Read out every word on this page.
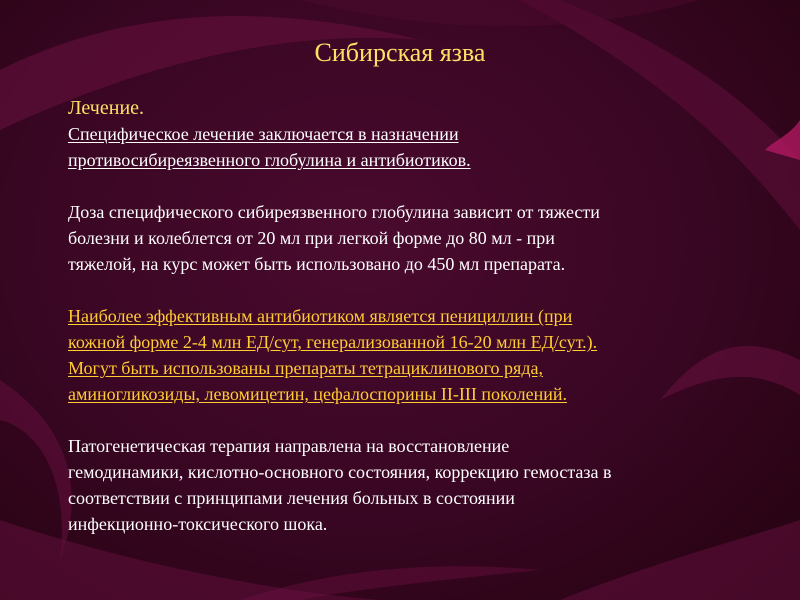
Сибирская язва
Лечение.
Специфическое лечение заключается в назначении
противосибиреязвенного глобулина и антибиотиков.
Доза специфического сибиреязвенного глобулина зависит от тяжести
болезни и колеблется от 20 мл при легкой форме до 80 мл - при
тяжелой, на курс может быть использовано до 450 мл препарата.
Наиболее эффективным антибиотиком является пенициллин (при
кожной форме 2-4 млн ЕД/сут, генерализованной 16-20 млн ЕД/сут.).
Могут быть использованы препараты тетрациклинового ряда,
аминогликозиды, левомицетин, цефалоспорины II-III поколений.
Патогенетическая терапия направлена на восстановление
гемодинамики, кислотно-основного состояния, коррекцию гемостаза в
соответствии с принципами лечения больных в состоянии
инфекционно-токсического шока.
